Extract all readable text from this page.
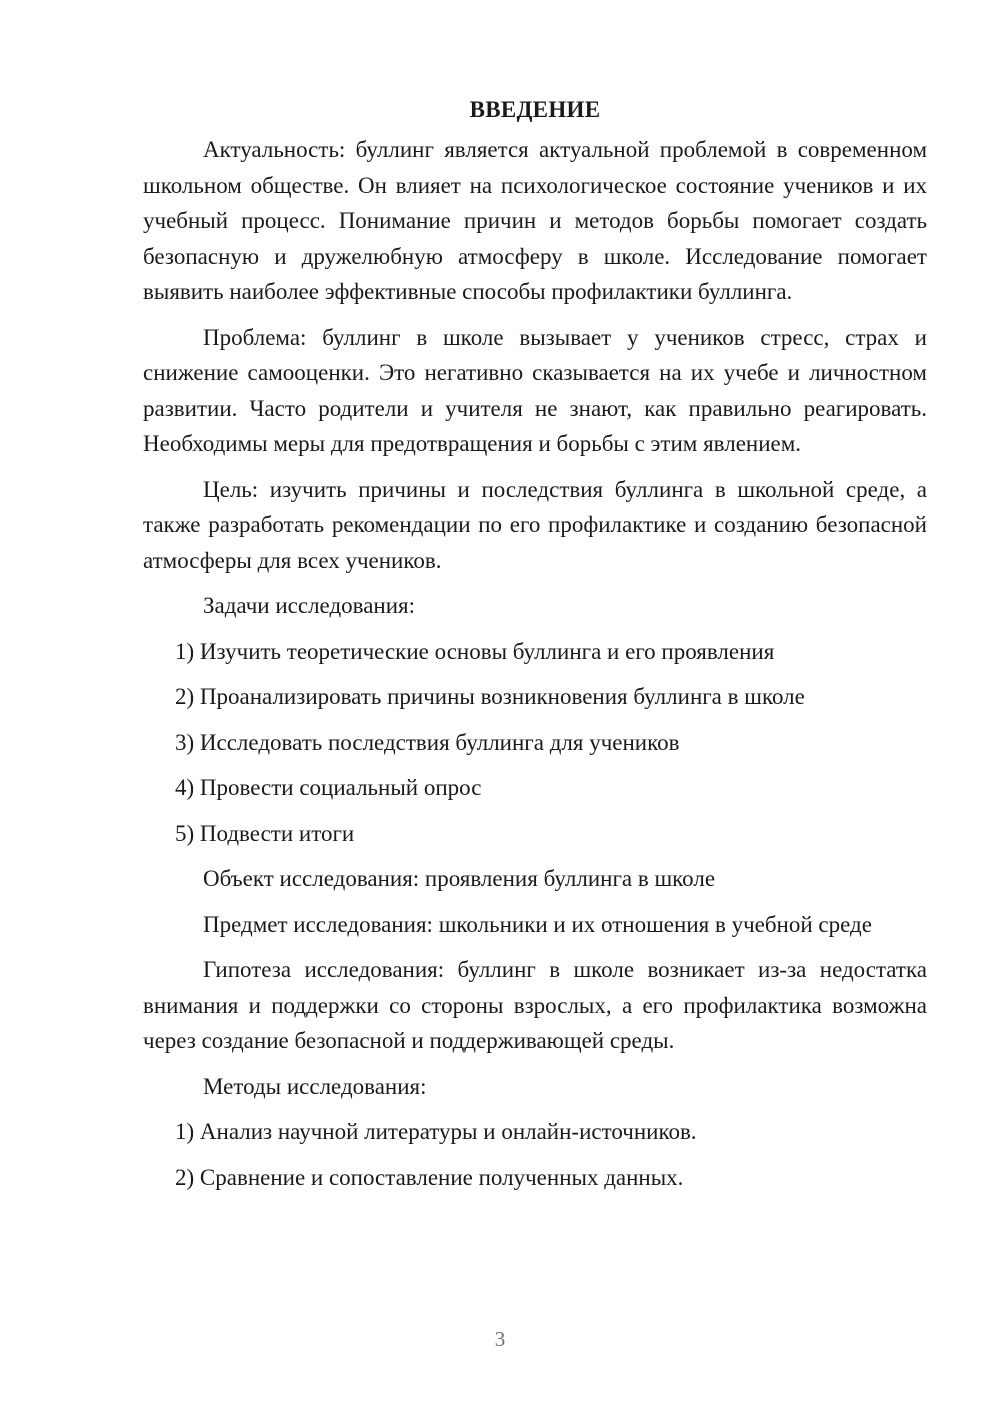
ВВЕДЕНИЕ

Актуальность: буллинг является актуальной проблемой в современном школьном обществе. Он влияет на психологическое состояние учеников и их учебный процесс. Понимание причин и методов борьбы помогает создать безопасную и дружелюбную атмосферу в школе. Исследование помогает выявить наиболее эффективные способы профилактики буллинга.

Проблема: буллинг в школе вызывает у учеников стресс, страх и снижение самооценки. Это негативно сказывается на их учебе и личностном развитии. Часто родители и учителя не знают, как правильно реагировать. Необходимы меры для предотвращения и борьбы с этим явлением.

Цель: изучить причины и последствия буллинга в школьной среде, а также разработать рекомендации по его профилактике и созданию безопасной атмосферы для всех учеников.

Задачи исследования:
1) Изучить теоретические основы буллинга и его проявления
2) Проанализировать причины возникновения буллинга в школе
3) Исследовать последствия буллинга для учеников
4) Провести социальный опрос
5) Подвести итоги
Объект исследования: проявления буллинга в школе
Предмет исследования: школьники и их отношения в учебной среде

Гипотеза исследования: буллинг в школе возникает из-за недостатка внимания и поддержки со стороны взрослых, а его профилактика возможна через создание безопасной и поддерживающей среды.

Методы исследования:
1) Анализ научной литературы и онлайн-источников.
2) Сравнение и сопоставление полученных данных.
3
